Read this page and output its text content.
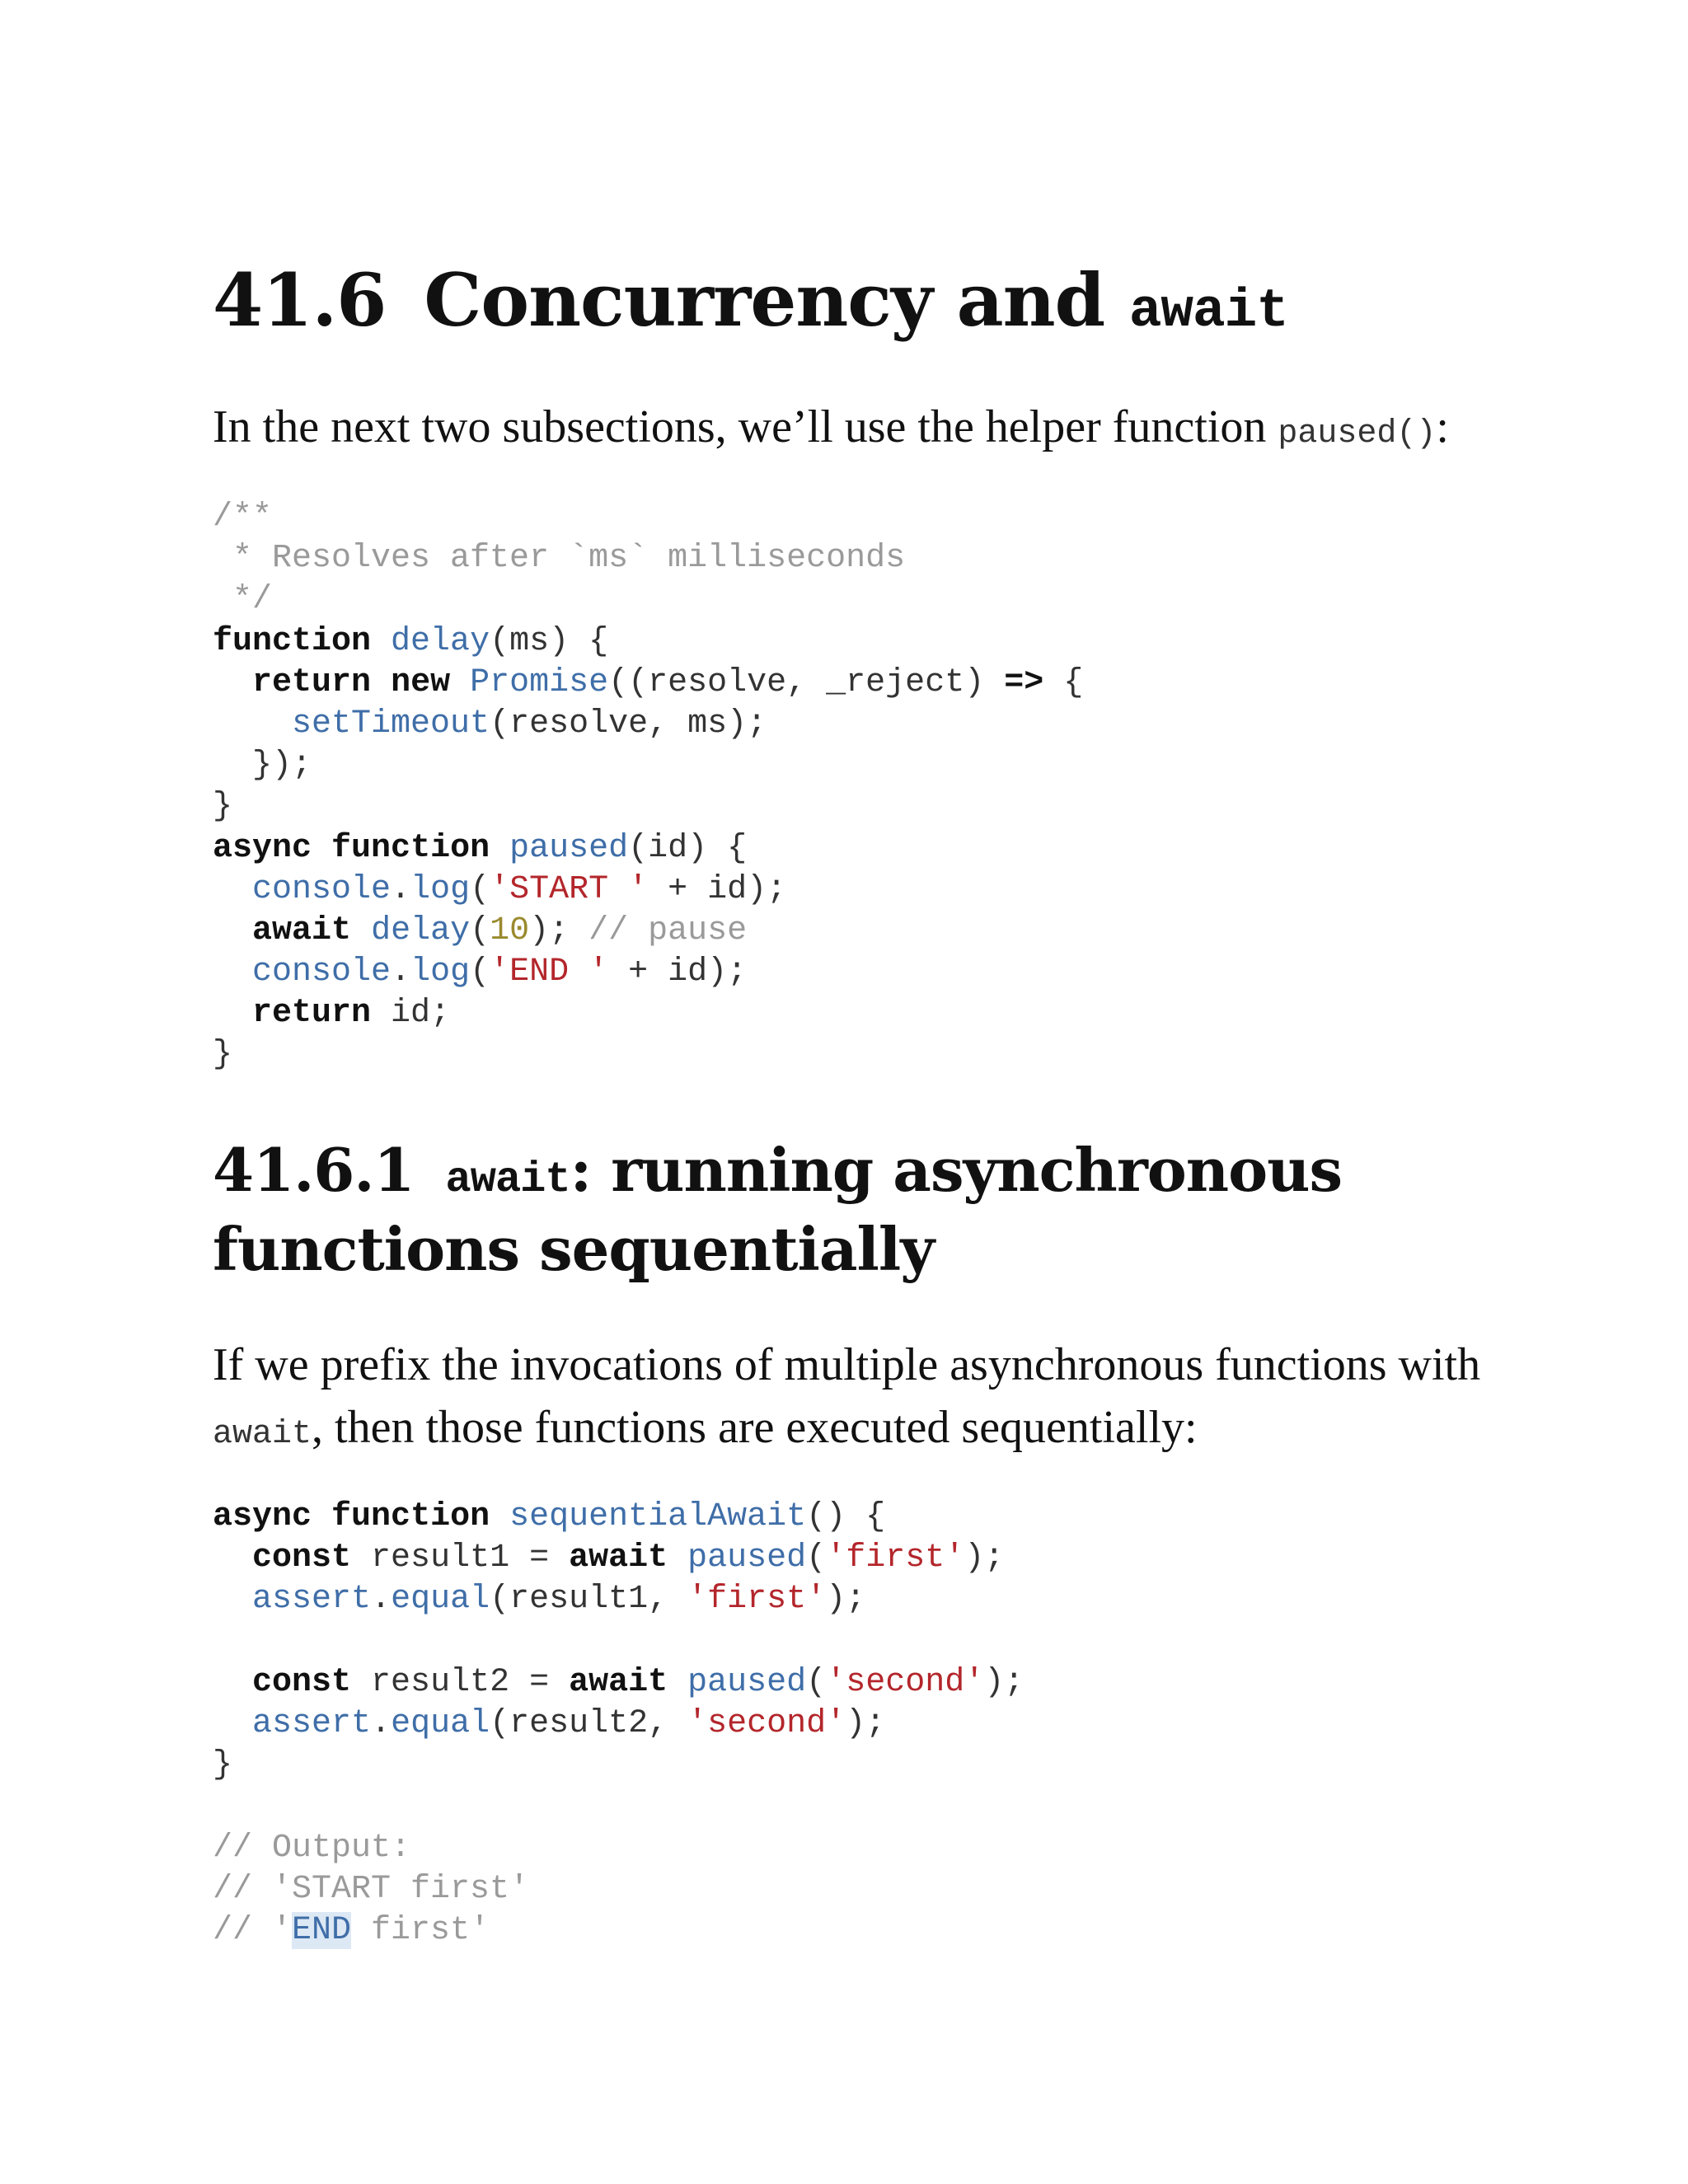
41.6 Concurrency and await

In the next two subsections, we’ll use the helper function paused():

/**
* Resolves after `ms` milliseconds
*/
function delay(ms) {
return new Promise((resolve, _reject) => {
setTimeout(resolve, ms);
});
}
async function paused(id) {
console.log('START ' + id);
await delay(10); // pause
console.log('END ' + id);
return id;
}
41.6.1 await: running asynchronous
functions sequentially

If we prefix the invocations of multiple asynchronous functions with
await, then those functions are executed sequentially:

async function sequentialAwait() {
const result1 = await paused('first');
assert.equal(result1, 'first');

const result2 = await paused('second');
assert.equal(result2, 'second');
}

// Output:
// 'START first'
// 'END first'
